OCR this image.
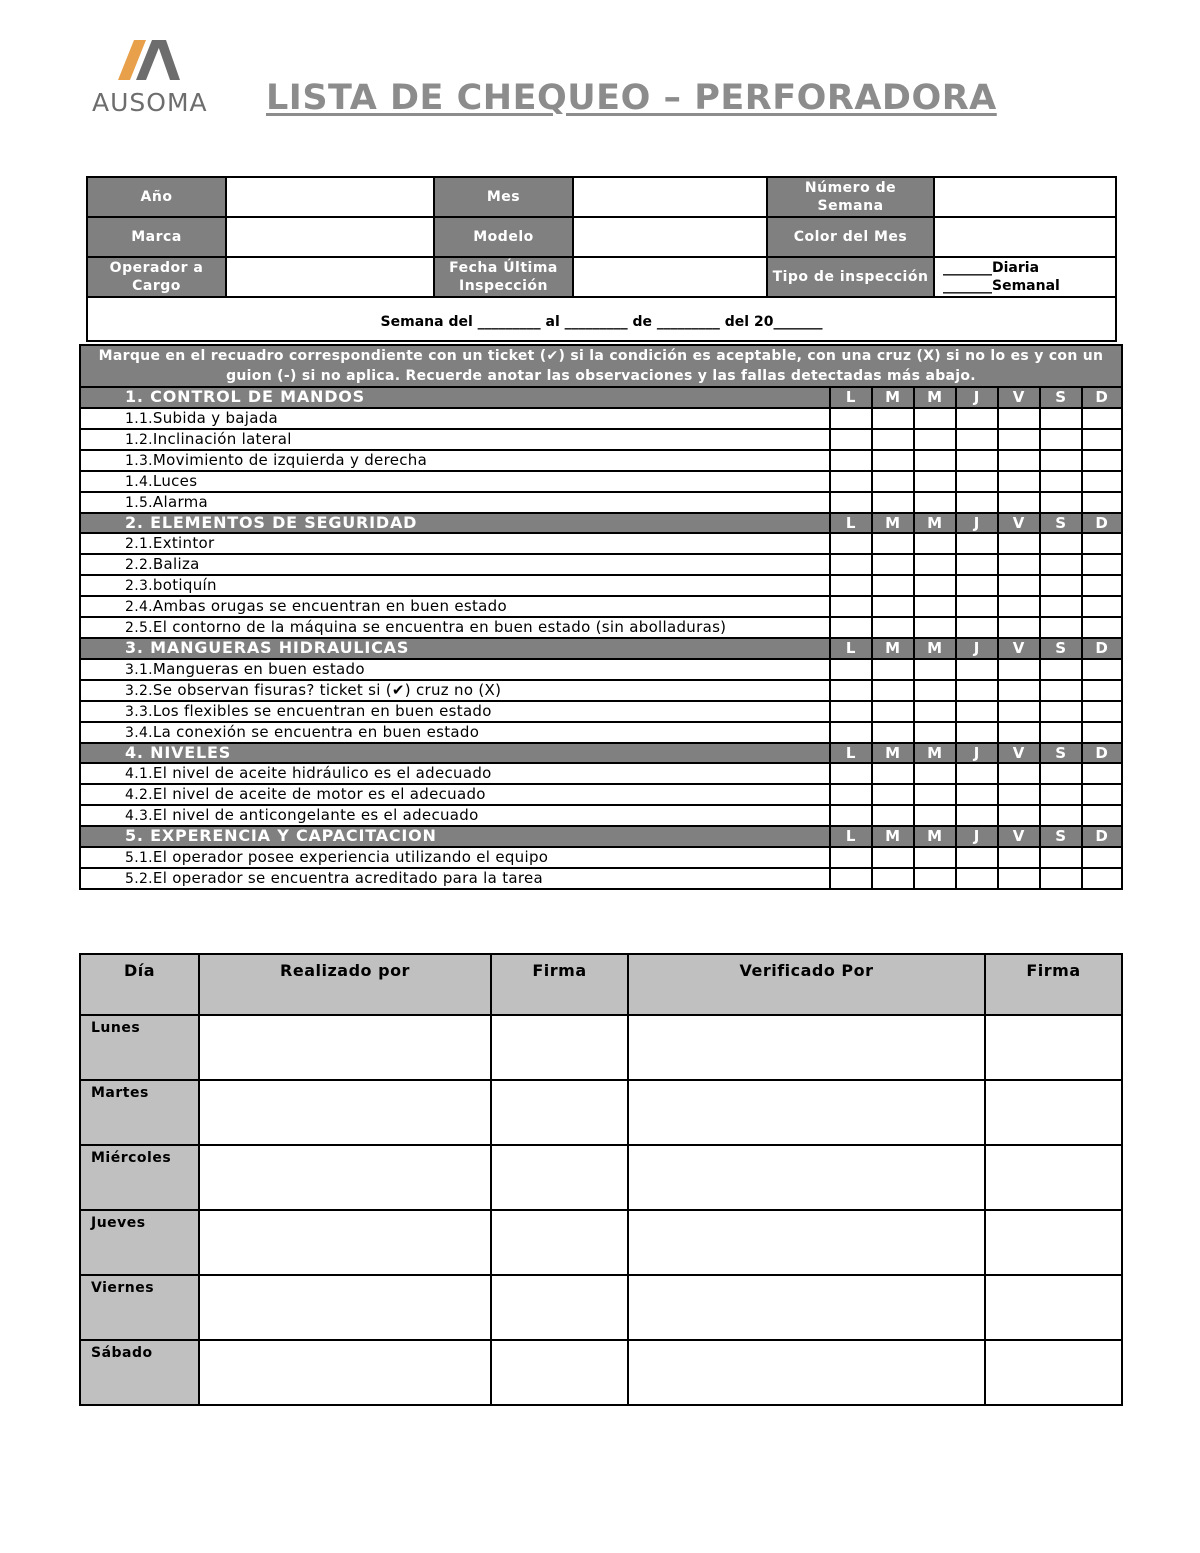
AUSOMA LISTA DE CHEQUEO – PERFORADORA
Año		Mes		Número de Semana	
Marca		Modelo		Color del Mes	
Operador a Cargo		Fecha Última Inspección		Tipo de inspección	_______Diaria
_______Semanal

Semana del _________ al _________ de _________ del 20_______					
Marque en el recuadro correspondiente con un ticket (✔) si la condición es aceptable, con una cruz (X) si no lo es y con un guion (-) si no aplica. Recuerde anotar las observaciones y las fallas detectadas más abajo.							
1. CONTROL DE MANDOS	L	M	M	J	V	S	D
1.1.Subida y bajada							
1.2.Inclinación lateral							
1.3.Movimiento de izquierda y derecha							
1.4.Luces							
1.5.Alarma							
2. ELEMENTOS DE SEGURIDAD	L	M	M	J	V	S	D
2.1.Extintor							
2.2.Baliza							
2.3.botiquín							
2.4.Ambas orugas se encuentran en buen estado							
2.5.El contorno de la máquina se encuentra en buen estado (sin abolladuras)							
3. MANGUERAS HIDRAULICAS	L	M	M	J	V	S	D
3.1.Mangueras en buen estado							
3.2.Se observan fisuras? ticket si (✔) cruz no (X)							
3.3.Los flexibles se encuentran en buen estado							
3.4.La conexión se encuentra en buen estado							
4. NIVELES	L	M	M	J	V	S	D
4.1.El nivel de aceite hidráulico es el adecuado							
4.2.El nivel de aceite de motor es el adecuado							
4.3.El nivel de anticongelante es el adecuado							
5. EXPERENCIA Y CAPACITACION	L	M	M	J	V	S	D
5.1.El operador posee experiencia utilizando el equipo							
5.2.El operador se encuentra acreditado para la tarea							
Día	Realizado por	Firma	Verificado Por	Firma
Lunes				
Martes				
Miércoles				
Jueves				
Viernes				
Sábado				
